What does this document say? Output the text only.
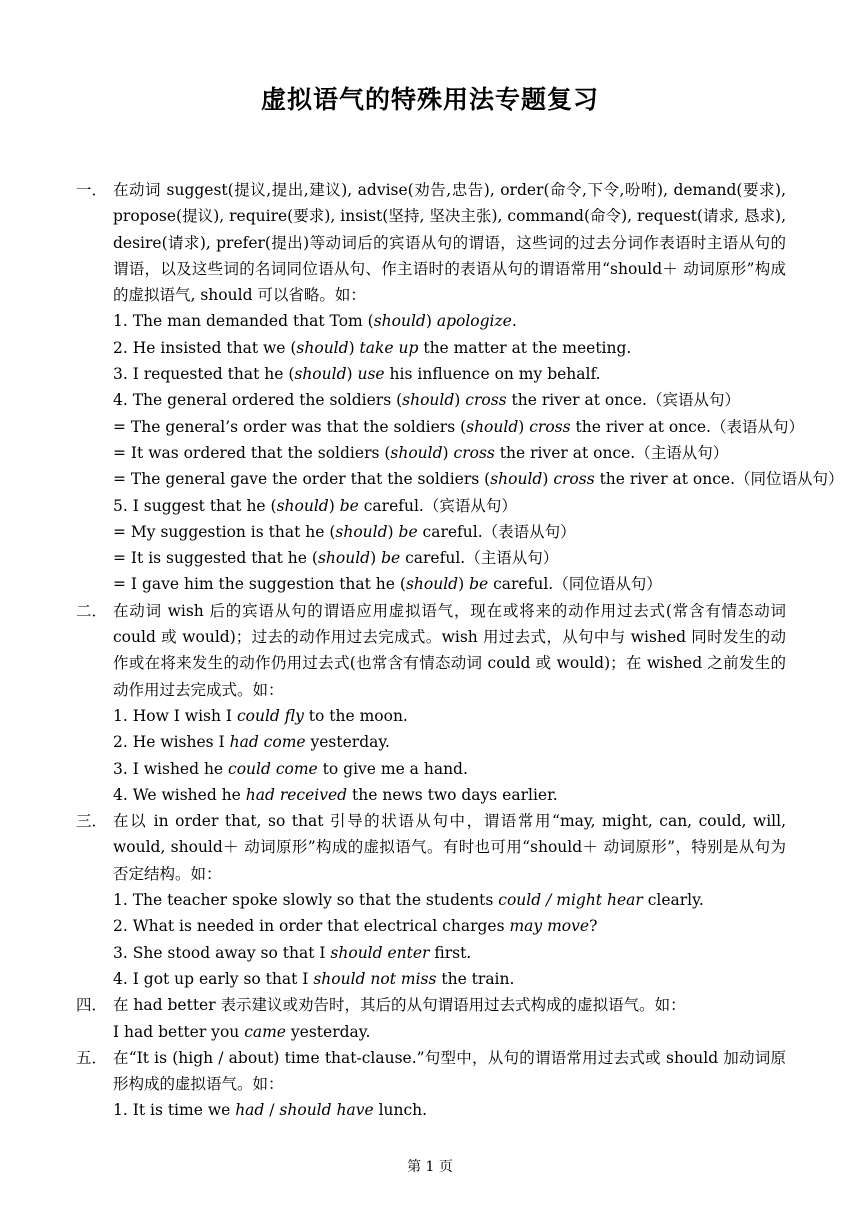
虚拟语气的特殊用法专题复习
一． 在动词 suggest(提议,提出,建议), advise(劝告,忠告), order(命令,下令,吩咐), demand(要求), propose(提议), require(要求), insist(坚持, 坚决主张), command(命令), request(请求, 恳求), desire(请求), prefer(提出)等动词后的宾语从句的谓语，这些词的过去分词作表语时主语从句的谓语，以及这些词的名词同位语从句、作主语时的表语从句的谓语常用“should＋ 动词原形”构成的虚拟语气, should 可以省略。如：
1. The man demanded that Tom (should) apologize.
2. He insisted that we (should) take up the matter at the meeting.
3. I requested that he (should) use his influence on my behalf.
4. The general ordered the soldiers (should) cross the river at once.（宾语从句）
= The general’s order was that the soldiers (should) cross the river at once.（表语从句）
= It was ordered that the soldiers (should) cross the river at once.（主语从句）
= The general gave the order that the soldiers (should) cross the river at once.（同位语从句）
5. I suggest that he (should) be careful.（宾语从句）
= My suggestion is that he (should) be careful.（表语从句）
= It is suggested that he (should) be careful.（主语从句）
= I gave him the suggestion that he (should) be careful.（同位语从句）
二． 在动词 wish 后的宾语从句的谓语应用虚拟语气，现在或将来的动作用过去式(常含有情态动词 could 或 would)；过去的动作用过去完成式。wish 用过去式，从句中与 wished 同时发生的动作或在将来发生的动作仍用过去式(也常含有情态动词 could 或 would)；在 wished 之前发生的动作用过去完成式。如：
1. How I wish I could fly to the moon.
2. He wishes I had come yesterday.
3. I wished he could come to give me a hand.
4. We wished he had received the news two days earlier.
三． 在以 in order that, so that 引导的状语从句中，谓语常用“may, might, can, could, will, would, should＋ 动词原形”构成的虚拟语气。有时也可用“should＋ 动词原形”，特别是从句为否定结构。如：
1. The teacher spoke slowly so that the students could / might hear clearly.
2. What is needed in order that electrical charges may move?
3. She stood away so that I should enter first.
4. I got up early so that I should not miss the train.
四． 在 had better 表示建议或劝告时，其后的从句谓语用过去式构成的虚拟语气。如：
I had better you came yesterday.
五． 在“It is (high / about) time that-clause.”句型中，从句的谓语常用过去式或 should 加动词原形构成的虚拟语气。如：
1. It is time we had / should have lunch.
第 1 页
